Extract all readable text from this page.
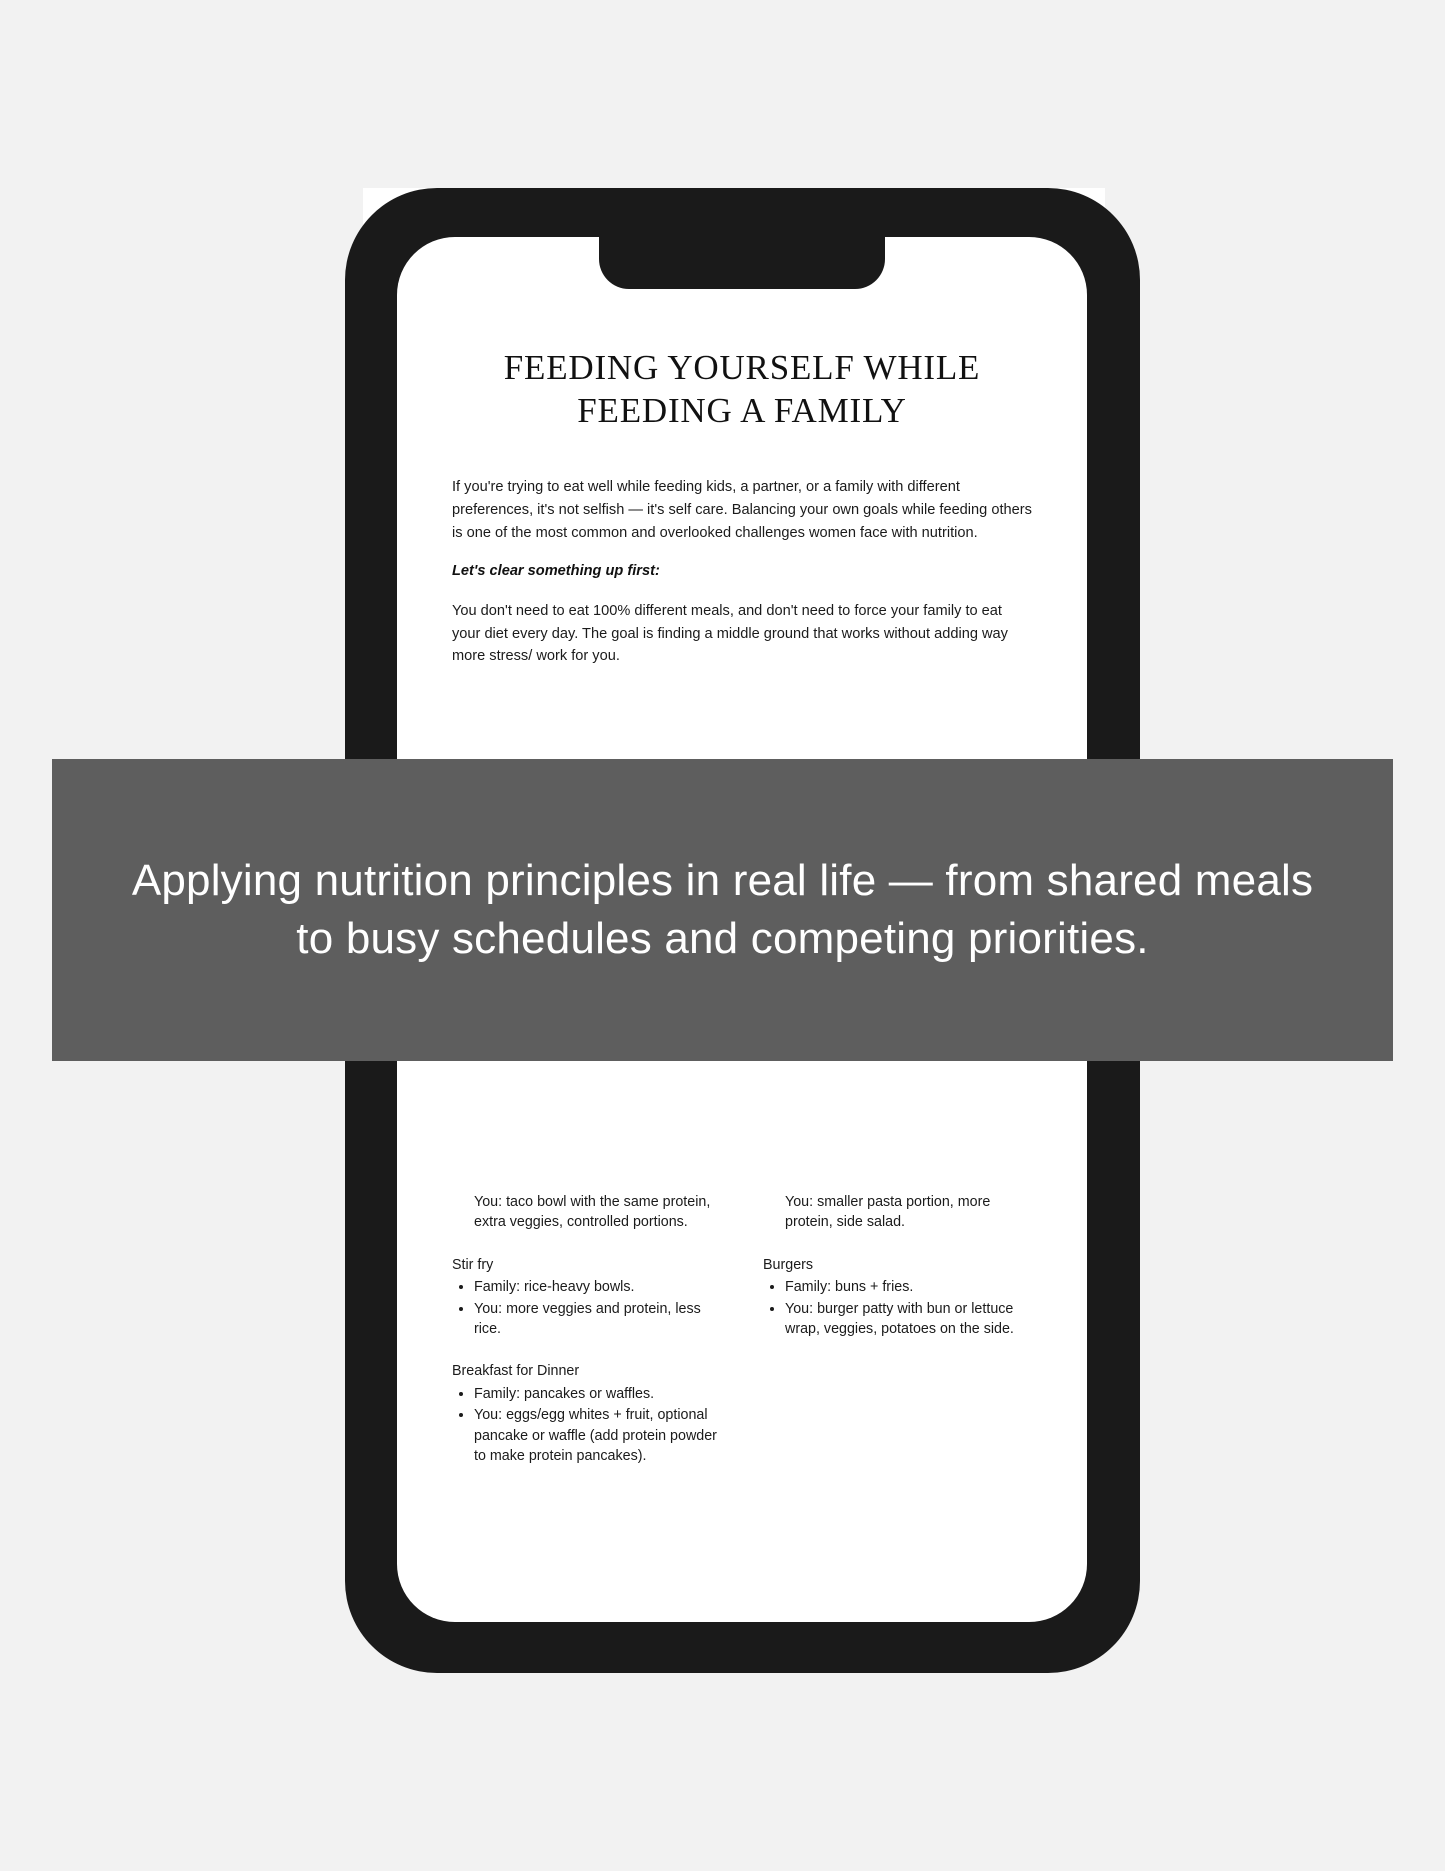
FEEDING YOURSELF WHILE FEEDING A FAMILY

If you're trying to eat well while feeding kids, a partner, or a family with different preferences, it's not selfish — it's self care. Balancing your own goals while feeding others is one of the most common and overlooked challenges women face with nutrition.

Let's clear something up first:

You don't need to eat 100% different meals, and don't need to force your family to eat your diet every day. The goal is finding a middle ground that works without adding way more stress/ work for you.

You: taco bowl with the same protein, extra veggies, controlled portions.

Stir fry

• Family: rice-heavy bowls.
• You: more veggies and protein, less rice.

Breakfast for Dinner

• Family: pancakes or waffles.
• You: eggs/egg whites + fruit, optional pancake or waffle (add protein powder to make protein pancakes).

You: smaller pasta portion, more protein, side salad.

Burgers

• Family: buns + fries.
• You: burger patty with bun or lettuce wrap, veggies, potatoes on the side.
Applying nutrition principles in real life — from shared meals to busy schedules and competing priorities.
